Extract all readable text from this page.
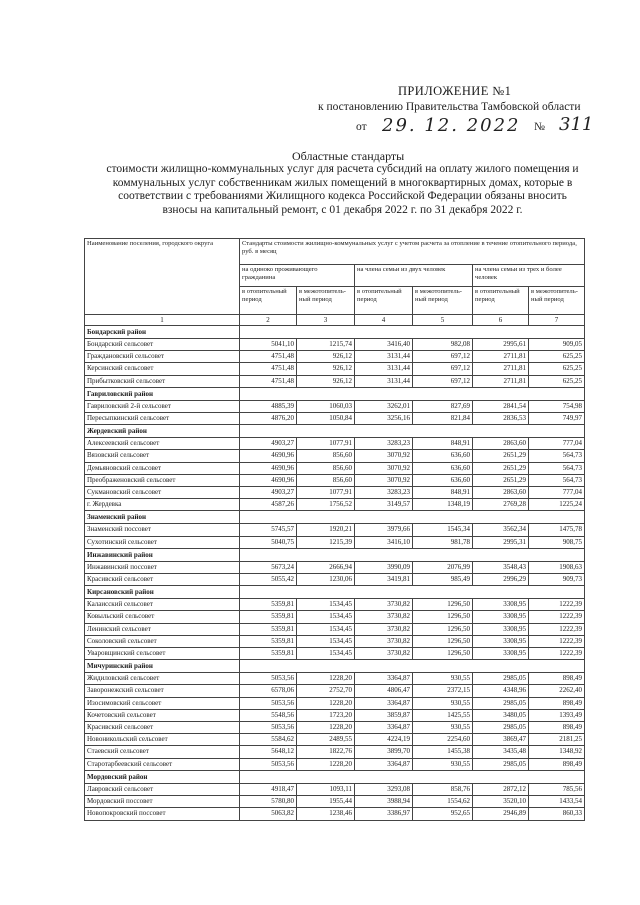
ПРИЛОЖЕНИЕ №1
к постановлению Правительства Тамбовской области
от 29. 12. 2022 № 311
Областные стандарты
стоимости жилищно-коммунальных услуг для расчета субсидий на оплату жилого помещения и
коммунальных услуг собственникам жилых помещений в многоквартирных домах, которые в
соответствии с требованиями Жилищного кодекса Российской Федерации обязаны вносить
взносы на капитальный ремонт, с 01 декабря 2022 г. по 31 декабря 2022 г.
Наименование поселения, городского округа	Стандарты стоимости жилищно-коммунальных услуг с учетом расчета за отопление в течение отопительного периода, руб. в месяц					
	на одиноко проживающего гражданина		на члена семьи из двух человек		на члена семьи из трех и более человек	
	в отопительный период	в межотопитель-ный период	в отопительный период	в межотопитель-ный период	в отопительный период	в межотопитель-ный период
1	2	3	4	5	6	7
Бондарский район						
Бондарский сельсовет	5041,10	1215,74	3416,40	982,08	2995,61	909,05
Граждановский сельсовет	4751,48	926,12	3131,44	697,12	2711,81	625,25
Керсинский сельсовет	4751,48	926,12	3131,44	697,12	2711,81	625,25
Прибытковский сельсовет	4751,48	926,12	3131,44	697,12	2711,81	625,25
Гавриловский район						
Гавриловский 2-й сельсовет	4885,39	1060,03	3262,01	827,69	2841,54	754,98
Пересыпкинский сельсовет	4876,20	1050,84	3256,16	821,84	2836,53	749,97
Жердевский район						
Алексеевский сельсовет	4903,27	1077,91	3283,23	848,91	2863,60	777,04
Вязовский сельсовет	4690,96	856,60	3070,92	636,60	2651,29	564,73
Демьяновский сельсовет	4690,96	856,60	3070,92	636,60	2651,29	564,73
Преображеновский сельсовет	4690,96	856,60	3070,92	636,60	2651,29	564,73
Сукмановский сельсовет	4903,27	1077,91	3283,23	848,91	2863,60	777,04
г. Жердевка	4587,26	1756,52	3149,57	1348,19	2769,28	1225,24
Знаменский район						
Знаменский поссовет	5745,57	1920,21	3979,66	1545,34	3562,34	1475,78
Сухотинский сельсовет	5040,75	1215,39	3416,10	981,78	2995,31	908,75
Инжавинский район						
Инжавинский поссовет	5673,24	2666,94	3990,09	2076,99	3548,43	1908,63
Красивский сельсовет	5055,42	1230,06	3419,81	985,49	2996,29	909,73
Кирсановский район						
Калаисский сельсовет	5359,81	1534,45	3730,82	1296,50	3308,95	1222,39
Ковыльский сельсовет	5359,81	1534,45	3730,82	1296,50	3308,95	1222,39
Ленинский сельсовет	5359,81	1534,45	3730,82	1296,50	3308,95	1222,39
Соколовский сельсовет	5359,81	1534,45	3730,82	1296,50	3308,95	1222,39
Уваровщинский сельсовет	5359,81	1534,45	3730,82	1296,50	3308,95	1222,39
Мичуринский район						
Жидиловский сельсовет	5053,56	1228,20	3364,87	930,55	2985,05	898,49
Заворонежский сельсовет	6578,06	2752,70	4806,47	2372,15	4348,96	2262,40
Изосимовский сельсовет	5053,56	1228,20	3364,87	930,55	2985,05	898,49
Кочетовский сельсовет	5548,56	1723,20	3859,87	1425,55	3480,05	1393,49
Красивский сельсовет	5053,56	1228,20	3364,87	930,55	2985,05	898,49
Новоникольский сельсовет	5584,62	2489,55	4224,19	2254,60	3869,47	2181,25
Стаевский сельсовет	5648,12	1822,76	3899,70	1455,38	3435,48	1348,92
Старотарбеевский сельсовет	5053,56	1228,20	3364,87	930,55	2985,05	898,49
Мордовский район						
Лавровский сельсовет	4918,47	1093,11	3293,08	858,76	2872,12	785,56
Мордовский поссовет	5780,80	1955,44	3988,94	1554,62	3520,10	1433,54
Новопокровский поссовет	5063,82	1238,46	3386,97	952,65	2946,89	860,33
